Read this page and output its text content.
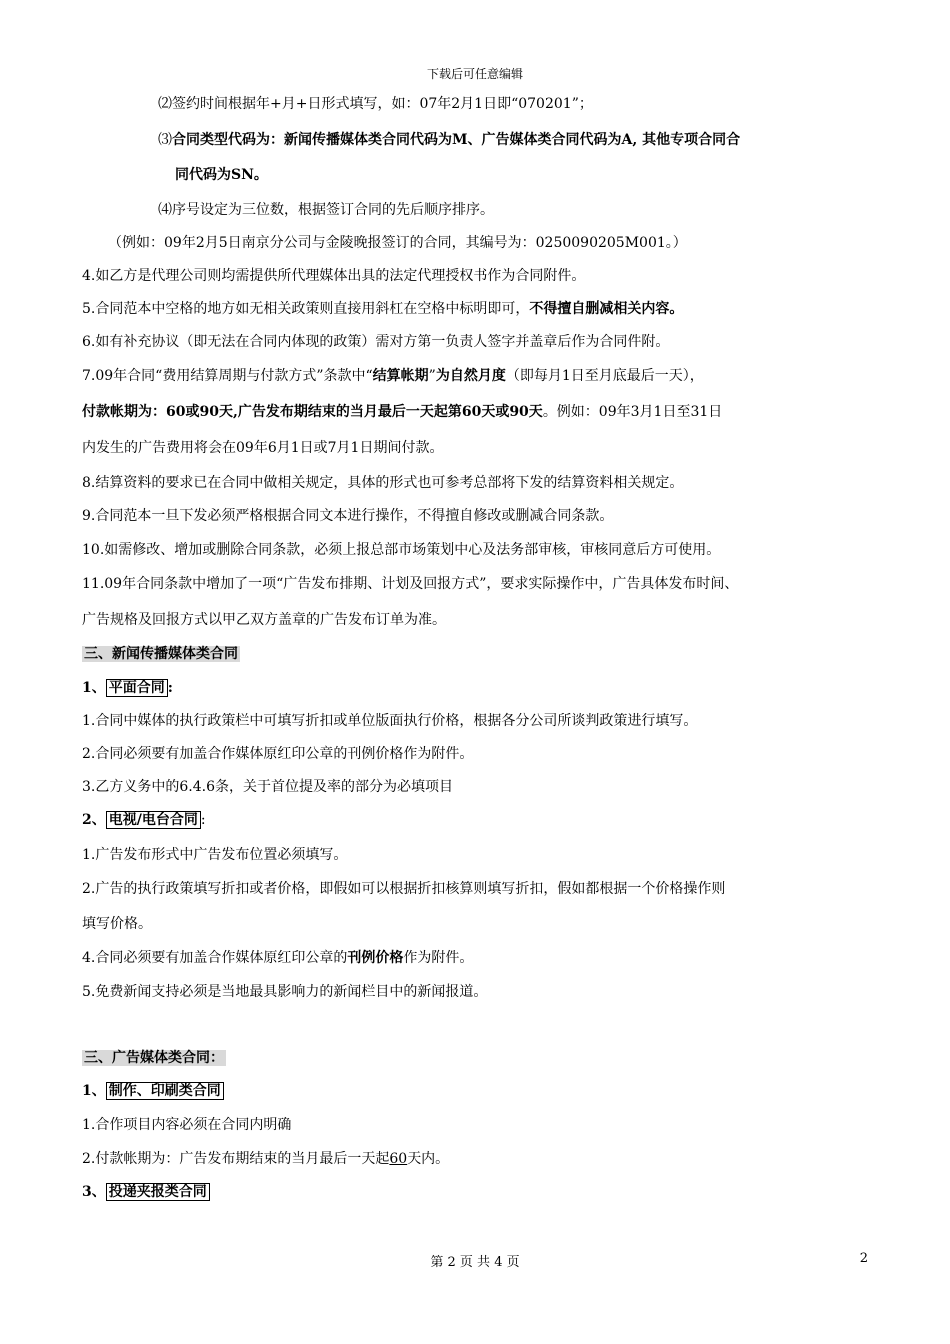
下载后可任意编辑
⑵签约时间根据年+月+日形式填写，如：07年2月1日即“070201”；
⑶合同类型代码为：新闻传播媒体类合同代码为M、广告媒体类合同代码为A, 其他专项合同合
同代码为SN。
⑷序号设定为三位数，根据签订合同的先后顺序排序。
（例如：09年2月5日南京分公司与金陵晚报签订的合同，其编号为：0250090205M001。）
4.如乙方是代理公司则均需提供所代理媒体出具的法定代理授权书作为合同附件。
5.合同范本中空格的地方如无相关政策则直接用斜杠在空格中标明即可，不得擅自删减相关内容。
6.如有补充协议（即无法在合同内体现的政策）需对方第一负责人签字并盖章后作为合同件附。
7.09年合同“费用结算周期与付款方式”条款中“结算帐期”为自然月度（即每月1日至月底最后一天），
付款帐期为：60或90天,广告发布期结束的当月最后一天起第60天或90天。例如：09年3月1日至31日
内发生的广告费用将会在09年6月1日或7月1日期间付款。
8.结算资料的要求已在合同中做相关规定，具体的形式也可参考总部将下发的结算资料相关规定。
9.合同范本一旦下发必须严格根据合同文本进行操作，不得擅自修改或删减合同条款。
10.如需修改、增加或删除合同条款，必须上报总部市场策划中心及法务部审核，审核同意后方可使用。
11.09年合同条款中增加了一项“广告发布排期、计划及回报方式”，要求实际操作中，广告具体发布时间、
广告规格及回报方式以甲乙双方盖章的广告发布订单为准。
三、新闻传播媒体类合同
1、 平面合同 :
1.合同中媒体的执行政策栏中可填写折扣或单位版面执行价格，根据各分公司所谈判政策进行填写。
2.合同必须要有加盖合作媒体原红印公章的刊例价格作为附件。
3.乙方义务中的6.4.6条，关于首位提及率的部分为必填项目
2、 电视/电台合同 :
1.广告发布形式中广告发布位置必须填写。
2.广告的执行政策填写折扣或者价格，即假如可以根据折扣核算则填写折扣，假如都根据一个价格操作则
填写价格。
4.合同必须要有加盖合作媒体原红印公章的刊例价格作为附件。
5.免费新闻支持必须是当地最具影响力的新闻栏目中的新闻报道。
三、广告媒体类合同：
1、 制作、印刷类合同
1.合作项目内容必须在合同内明确
2.付款帐期为：广告发布期结束的当月最后一天起60天内。
3、 投递夹报类合同
第 2 页 共 4 页	2
